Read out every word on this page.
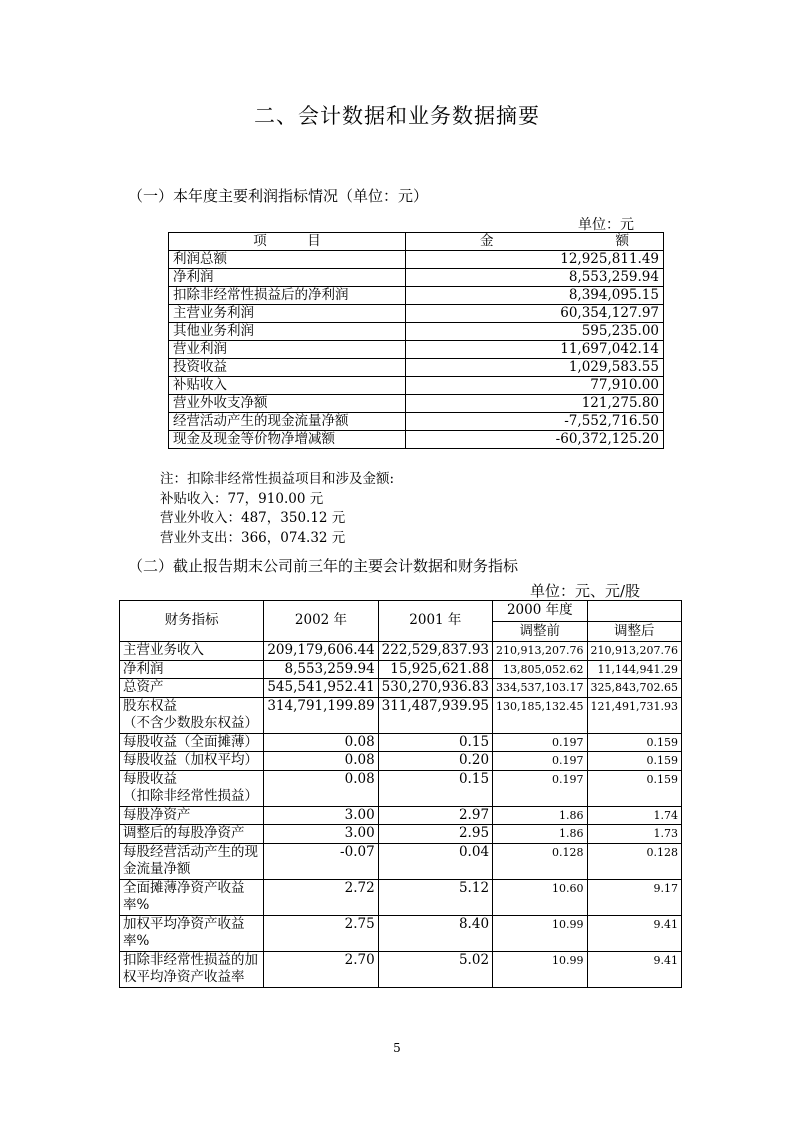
二、会计数据和业务数据摘要
（一）本年度主要利润指标情况（单位：元）
单位：元
项 目	金 额

利润总额	12,925,811.49
净利润	8,553,259.94
扣除非经常性损益后的净利润	8,394,095.15
主营业务利润	60,354,127.97
其他业务利润	595,235.00
营业利润	11,697,042.14
投资收益	1,029,583.55
补贴收入	77,910.00
营业外收支净额	121,275.80
经营活动产生的现金流量净额	-7,552,716.50
现金及现金等价物净增减额	-60,372,125.20
注：扣除非经常性损益项目和涉及金额:
补贴收入：77，910.00 元
营业外收入：487，350.12 元
营业外支出：366，074.32 元
（二）截止报告期末公司前三年的主要会计数据和财务指标
单位：元、元/股
财务指标	2002 年	2001 年	2000 年度	
			调整前	调整后
主营业务收入	209,179,606.44	222,529,837.93	210,913,207.76	210,913,207.76
净利润	8,553,259.94	15,925,621.88	13,805,052.62	11,144,941.29
总资产	545,541,952.41	530,270,936.83	334,537,103.17	325,843,702.65
股东权益
（不含少数股东权益）	314,791,199.89	311,487,939.95	130,185,132.45	121,491,731.93
每股收益（全面摊薄）	0.08	0.15	0.197	0.159
每股收益（加权平均）	0.08	0.20	0.197	0.159
每股收益
（扣除非经常性损益）	0.08	0.15	0.197	0.159
每股净资产	3.00	2.97	1.86	1.74
调整后的每股净资产	3.00	2.95	1.86	1.73
每股经营活动产生的现金流量净额	-0.07	0.04	0.128	0.128
全面摊薄净资产收益率%	2.72	5.12	10.60	9.17
加权平均净资产收益率%	2.75	8.40	10.99	9.41
扣除非经常性损益的加权平均净资产收益率	2.70	5.02	10.99	9.41
5
